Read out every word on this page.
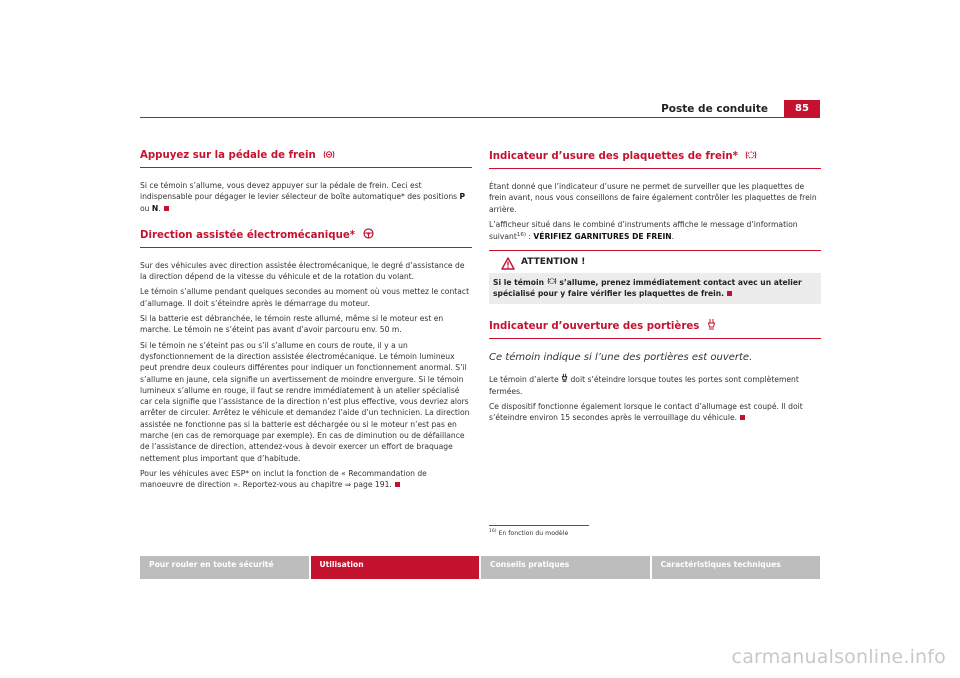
Poste de conduite	85
Appuyez sur la pédale de frein

Si ce témoin s’allume, vous devez appuyer sur la pédale de frein. Ceci est indispensable pour dégager le levier sélecteur de boîte automatique* des positions P ou N.

Direction assistée électromécanique*

Sur des véhicules avec direction assistée électromécanique, le degré d’assistance de la direction dépend de la vitesse du véhicule et de la rotation du volant.

Le témoin s’allume pendant quelques secondes au moment où vous mettez le contact d’allumage. Il doit s’éteindre après le démarrage du moteur.

Si la batterie est débranchée, le témoin reste allumé, même si le moteur est en marche. Le témoin ne s’éteint pas avant d’avoir parcouru env. 50 m.

Si le témoin ne s’éteint pas ou s’il s’allume en cours de route, il y a un dysfonctionnement de la direction assistée électromécanique. Le témoin lumineux peut prendre deux couleurs différentes pour indiquer un fonctionnement anormal. S’il s’allume en jaune, cela signifie un avertissement de moindre envergure. Si le témoin lumineux s’allume en rouge, il faut se rendre immédiatement à un atelier spécialisé car cela signifie que l’assistance de la direction n’est plus effective, vous devriez alors arrêter de circuler. Arrêtez le véhicule et demandez l’aide d’un technicien. La direction assistée ne fonctionne pas si la batterie est déchargée ou si le moteur n’est pas en marche (en cas de remorquage par exemple). En cas de diminution ou de défaillance de l’assistance de direction, attendez-vous à devoir exercer un effort de braquage nettement plus important que d’habitude.

Pour les véhicules avec ESP* on inclut la fonction de « Recommandation de manoeuvre de direction ». Reportez-vous au chapitre ⇒ page 191.

Indicateur d’usure des plaquettes de frein*

Étant donné que l’indicateur d’usure ne permet de surveiller que les plaquettes de frein avant, nous vous conseillons de faire également contrôler les plaquettes de frein arrière.

L’afficheur situé dans le combiné d’instruments affiche le message d’information suivant$^{16)}$ : VÉRIFIEZ GARNITURES DE FREIN.

ATTENTION !
Si le témoin  s’allume, prenez immédiatement contact avec un atelier spécialisé pour y faire vérifier les plaquettes de frein.
Indicateur d’ouverture des portières
Ce témoin indique si l’une des portières est ouverte.

Le témoin d’alerte  doit s’éteindre lorsque toutes les portes sont complètement fermées.

Ce dispositif fonctionne également lorsque le contact d’allumage est coupé. Il doit s’éteindre environ 15 secondes après le verrouillage du véhicule.

$^{16)}$ En fonction du modèle
Pour rouler en toute sécurité	Utilisation	Conseils pratiques	Caractéristiques techniques
carmanualsonline.info
